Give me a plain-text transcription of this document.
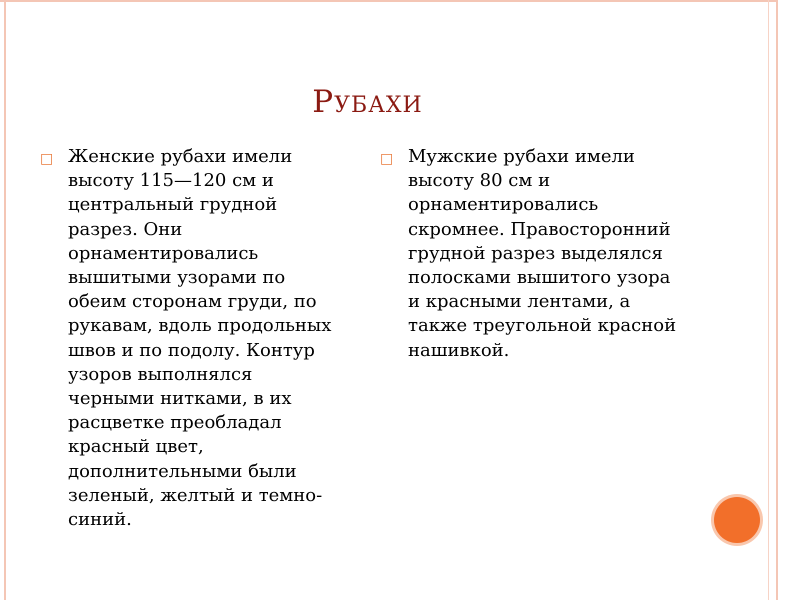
Рубахи
□ Женские рубахи имели высоту 115—120 см и центральный грудной разрез. Они орнаментировались вышитыми узорами по обеим сторонам груди, по рукавам, вдоль продольных швов и по подолу. Контур узоров выполнялся черными нитками, в их расцветке преобладал красный цвет, дополнительными были зеленый, желтый и темно-синий.
□ Мужские рубахи имели высоту 80 см и орнаментировались скромнее. Правосторонний грудной разрез выделялся полосками вышитого узора и красными лентами, а также треугольной красной нашивкой.
